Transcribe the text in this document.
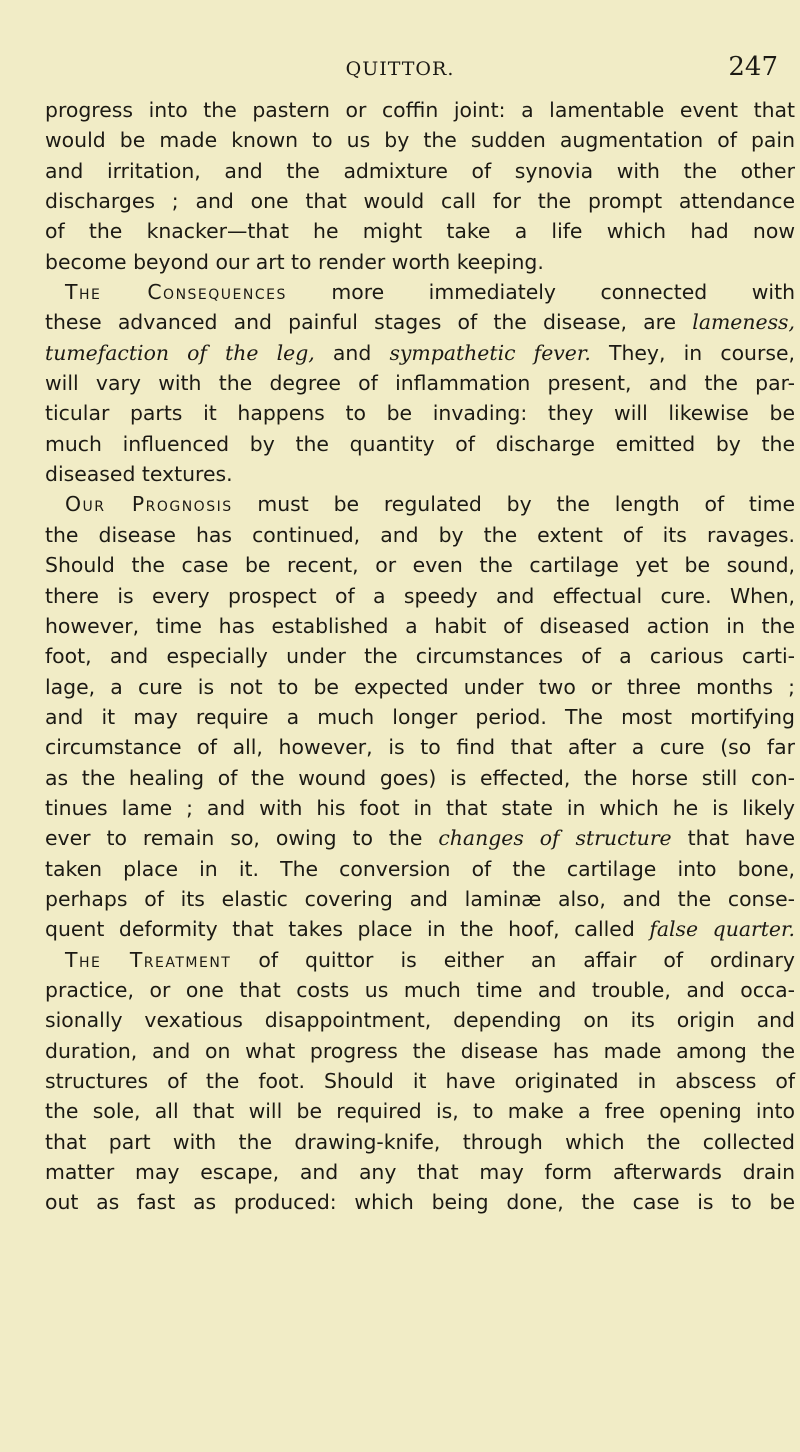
QUITTOR.	247
progress into the pastern or coffin joint: a lamentable event that
would be made known to us by the sudden augmentation of pain
and irritation, and the admixture of synovia with the other
discharges ; and one that would call for the prompt attendance
of the knacker—that he might take a life which had now
become beyond our art to render worth keeping.
The Consequences more immediately connected with
these advanced and painful stages of the disease, are lameness,
tumefaction of the leg, and sympathetic fever. They, in course,
will vary with the degree of inflammation present, and the par-
ticular parts it happens to be invading: they will likewise be
much influenced by the quantity of discharge emitted by the
diseased textures.
Our Prognosis must be regulated by the length of time
the disease has continued, and by the extent of its ravages.
Should the case be recent, or even the cartilage yet be sound,
there is every prospect of a speedy and effectual cure. When,
however, time has established a habit of diseased action in the
foot, and especially under the circumstances of a carious carti-
lage, a cure is not to be expected under two or three months ;
and it may require a much longer period. The most mortifying
circumstance of all, however, is to find that after a cure (so far
as the healing of the wound goes) is effected, the horse still con-
tinues lame ; and with his foot in that state in which he is likely
ever to remain so, owing to the changes of structure that have
taken place in it. The conversion of the cartilage into bone,
perhaps of its elastic covering and laminæ also, and the conse-
quent deformity that takes place in the hoof, called false quarter.
The Treatment of quittor is either an affair of ordinary
practice, or one that costs us much time and trouble, and occa-
sionally vexatious disappointment, depending on its origin and
duration, and on what progress the disease has made among the
structures of the foot. Should it have originated in abscess of
the sole, all that will be required is, to make a free opening into
that part with the drawing-knife, through which the collected
matter may escape, and any that may form afterwards drain
out as fast as produced: which being done, the case is to be
